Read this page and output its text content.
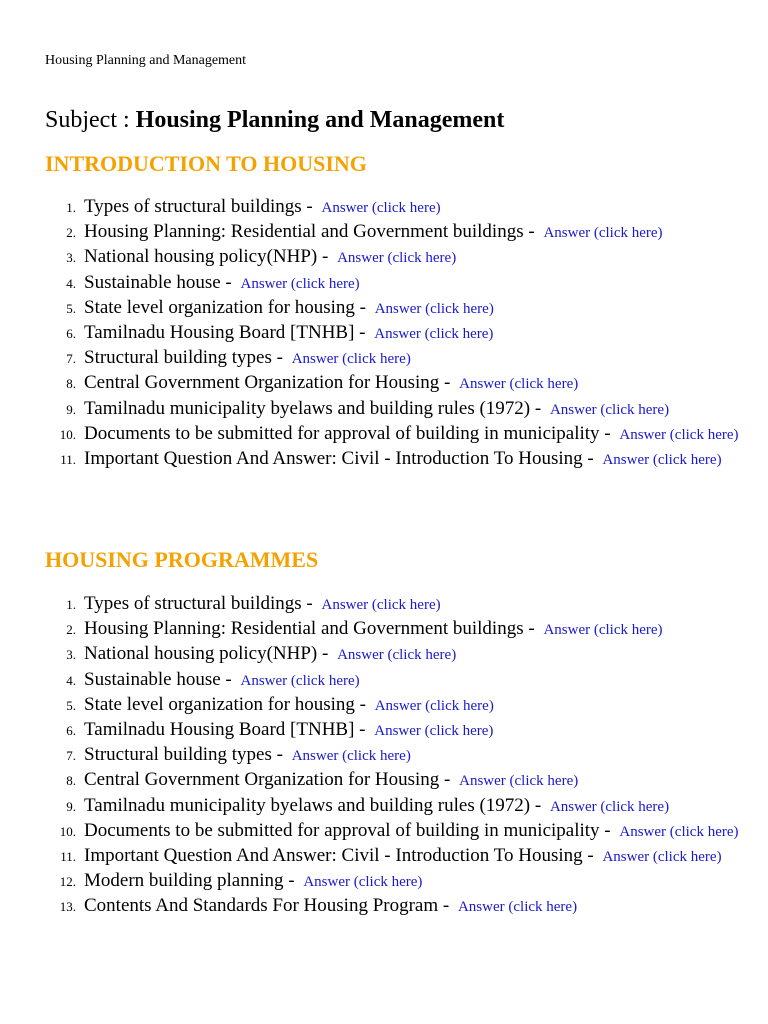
Housing Planning and Management
Subject : Housing Planning and Management
INTRODUCTION TO HOUSING
1. Types of structural buildings - Answer (click here)
2. Housing Planning: Residential and Government buildings - Answer (click here)
3. National housing policy(NHP) - Answer (click here)
4. Sustainable house - Answer (click here)
5. State level organization for housing - Answer (click here)
6. Tamilnadu Housing Board [TNHB] - Answer (click here)
7. Structural building types - Answer (click here)
8. Central Government Organization for Housing - Answer (click here)
9. Tamilnadu municipality byelaws and building rules (1972) - Answer (click here)
10. Documents to be submitted for approval of building in municipality - Answer (click here)
11. Important Question And Answer: Civil - Introduction To Housing - Answer (click here)
HOUSING PROGRAMMES
1. Types of structural buildings - Answer (click here)
2. Housing Planning: Residential and Government buildings - Answer (click here)
3. National housing policy(NHP) - Answer (click here)
4. Sustainable house - Answer (click here)
5. State level organization for housing - Answer (click here)
6. Tamilnadu Housing Board [TNHB] - Answer (click here)
7. Structural building types - Answer (click here)
8. Central Government Organization for Housing - Answer (click here)
9. Tamilnadu municipality byelaws and building rules (1972) - Answer (click here)
10. Documents to be submitted for approval of building in municipality - Answer (click here)
11. Important Question And Answer: Civil - Introduction To Housing - Answer (click here)
12. Modern building planning - Answer (click here)
13. Contents And Standards For Housing Program - Answer (click here)
